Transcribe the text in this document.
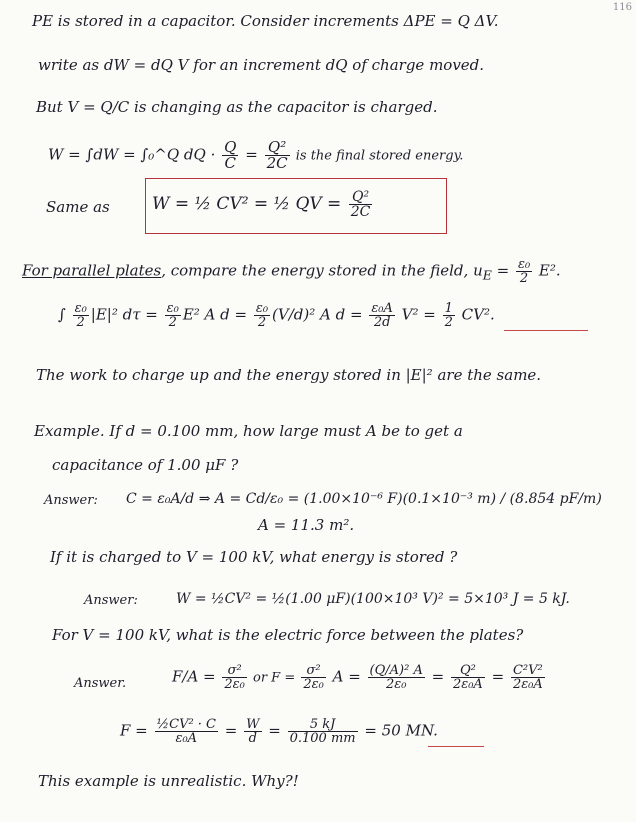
116
PE is stored in a capacitor. Consider increments ΔPE = Q ΔV.
write as dW = dQ V for an increment dQ of charge moved.
But V = Q/C is changing as the capacitor is charged.
W = ∫dW = ∫₀^Q dQ · $\frac{Q}{C} = \frac{\text{Q²}}{2C}$ is the final stored energy.
Same as W = ½ CV² = ½ QV = $\frac{\text{Q²}}{2C}$
For parallel plates, compare the energy stored in the field, $u_E = \frac{\text{ε₀}}{2} E^2$.
∫ $\frac{\text{ε₀}}{2} |E|^2$ $d\tau = \frac{\text{ε₀}}{2} E^2$ A $d = \frac{\text{ε₀}}{2} (V/d)^2$ A $d = \frac{\text{ε₀A}}{2d} V^2 = \frac{1}{2} CV^2$.
The work to charge up and the energy stored in |E|² are the same.
Example. If d = 0.100 mm, how large must A be to get a
capacitance of 1.00 μF ?
Answer: C = ε₀A/d ⇒ A = Cd/ε₀ = (1.00×10⁻⁶ F)(0.1×10⁻³ m) / (8.854 pF/m)
A = 11.3 m².
If it is charged to V = 100 kV, what energy is stored ?
Answer:	W = ½CV² = ½(1.00 μF)(100×10³ V)² = 5×10³ J = 5 kJ.
For V = 100 kV, what is the electric force between the plates?
Answer.	$F/A = \frac{\text{σ²}}{\text{2ε₀}}$ or $F = \frac{\text{σ²}}{\text{2ε₀}}$ $A = \frac{\text{(Q/A)² A}}{\text{2ε₀}} = \frac{\text{Q²}}{\text{2ε₀A}} = \frac{\text{C²V²}}{\text{2ε₀A}}$
$F = \frac{\text{½CV² · C}}{\text{ε₀A}} = \frac{W}{d} = \frac{5 kJ}{0.100 mm} = 50$ MN.
This example is unrealistic. Why?!
